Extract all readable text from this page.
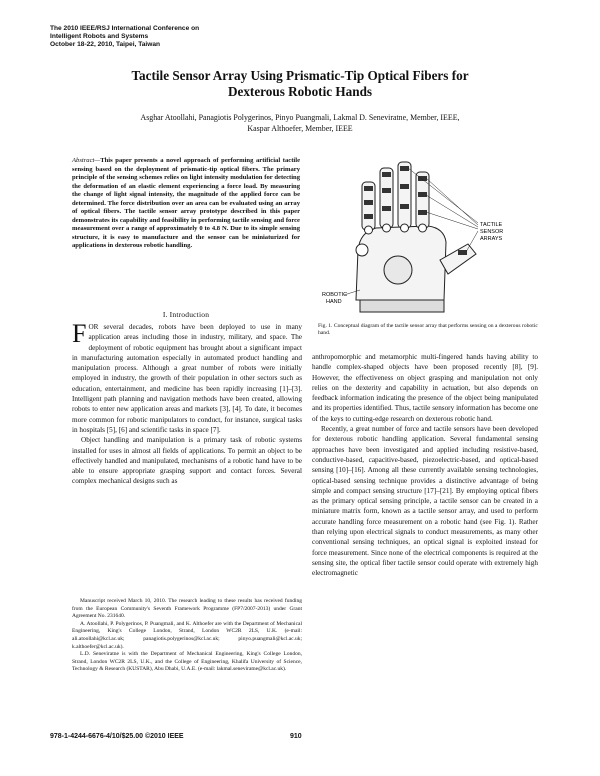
The 2010 IEEE/RSJ International Conference on
Intelligent Robots and Systems
October 18-22, 2010, Taipei, Taiwan
Tactile Sensor Array Using Prismatic-Tip Optical Fibers for
Dexterous Robotic Hands
Asghar Atoollahi, Panagiotis Polygerinos, Pinyo Puangmali, Lakmal D. Seneviratne, Member, IEEE,
Kaspar Althoefer, Member, IEEE
Abstract—This paper presents a novel approach of performing artificial tactile sensing based on the deployment of prismatic-tip optical fibers. The primary principle of the sensing schemes relies on light intensity modulation for detecting the deformation of an elastic element experiencing a force load. By measuring the change of light signal intensity, the magnitude of the applied force can be determined. The force distribution over an area can be evaluated using an array of optical fibers. The tactile sensor array prototype described in this paper demonstrates its capability and feasibility in performing tactile sensing and force measurement over a range of approximately 0 to 4.8 N. Due to its simple sensing structure, it is easy to manufacture and the sensor can be miniaturized for applications in dexterous robotic handling.
I. Introduction

FOR several decades, robots have been deployed to use in many application areas including those in industry, military, and space. The deployment of robotic equipment has brought about a significant impact in manufacturing automation especially in automated product handling and manipulation process. Although a great number of robots were initially employed in industry, the growth of their population in other sectors such as education, entertainment, and medicine has been rapidly increasing [1]–[3]. Intelligent path planning and navigation methods have been created, allowing robots to enter new application areas and markets [3], [4]. To date, it becomes more common for robotic manipulators to conduct, for instance, surgical tasks in hospitals [5], [6] and scientific tasks in space [7].

Object handling and manipulation is a primary task of robotic systems installed for uses in almost all fields of applications. To permit an object to be effectively handled and manipulated, mechanisms of a robotic hand have to be able to ensure appropriate grasping support and contact forces. Several complex mechanical designs such as

Manuscript received March 10, 2010. The research leading to these results has received funding from the European Community's Seventh Framework Programme (FP7/2007-2013) under Grant Agreement No. 231640.

A. Atoollahi, P. Polygerinos, P. Puangmali, and K. Althoefer are with the Department of Mechanical Engineering, King's College London, Strand, London WC2R 2LS, U.K. (e-mail: ali.atoollahi@kcl.ac.uk; panagiotis.polygerinos@kcl.ac.uk; pinyo.puangmali@kcl.ac.uk; k.althoefer@kcl.ac.uk).

L.D. Seneviratne is with the Department of Mechanical Engineering, King's College London, Strand, London WC2R 2LS, U.K., and the College of Engineering, Khalifa University of Science, Technology & Research (KUSTAR), Abu Dhabi, U.A.E. (e-mail: lakmal.seneviratne@kcl.ac.uk).

TACTILE
SENSOR
ARRAYS
ROBOTIC
HAND
Fig. 1. Conceptual diagram of the tactile sensor array that performs sensing on a dexterous robotic hand.

anthropomorphic and metamorphic multi-fingered hands having ability to handle complex-shaped objects have been proposed recently [8], [9]. However, the effectiveness on object grasping and manipulation not only relies on the dexterity and capability in actuation, but also depends on feedback information indicating the presence of the object being manipulated and its properties identified. Thus, tactile sensory information has become one of the keys to cutting-edge research on dexterous robotic hand.

Recently, a great number of force and tactile sensors have been developed for dexterous robotic handling application. Several fundamental sensing approaches have been investigated and applied including resistive-based, conductive-based, capacitive-based, piezoelectric-based, and optical-based sensing [10]–[16]. Among all these currently available sensing technologies, optical-based sensing technique provides a distinctive advantage of being simple and compact sensing structure [17]–[21]. By employing optical fibers as the primary optical sensing principle, a tactile sensor can be created in a miniature matrix form, known as a tactile sensor array, and used to perform accurate handling force measurement on a robotic hand (see Fig. 1). Rather than relying upon electrical signals to conduct measurements, as many other conventional sensing techniques, an optical signal is exploited instead for force measurement. Since none of the electrical components is required at the sensing site, the optical fiber tactile sensor could operate with extremely high electromagnetic

978-1-4244-6676-4/10/$25.00 ©2010 IEEE	910
